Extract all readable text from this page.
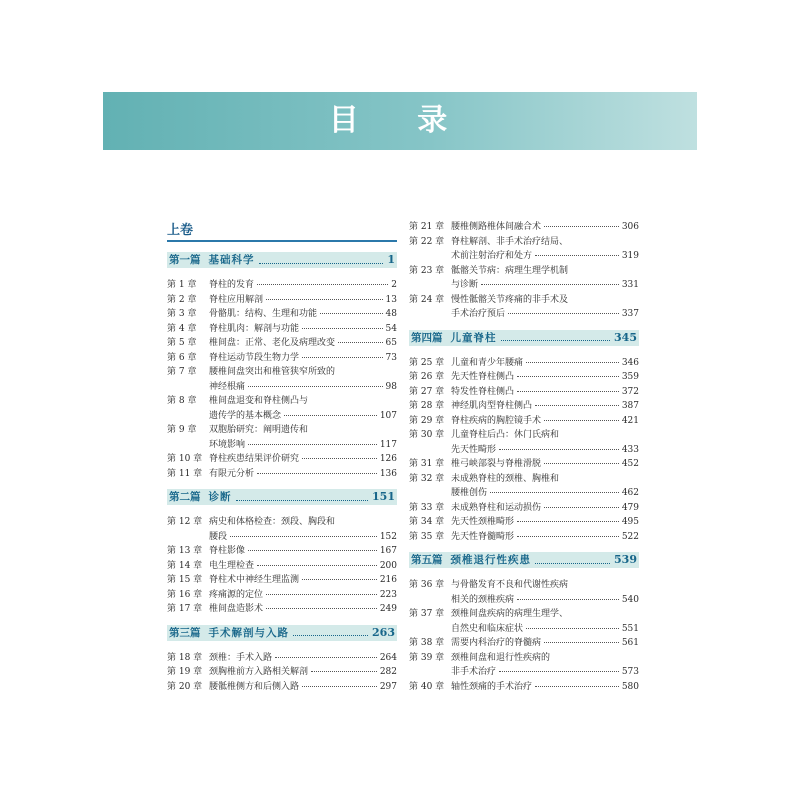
目 录
上卷
第一篇 基础科学	1
第 1 章	脊柱的发育	2
第 2 章	脊柱应用解剖	13
第 3 章	骨骼肌：结构、生理和功能	48
第 4 章	脊柱肌肉：解剖与功能	54
第 5 章	椎间盘：正常、老化及病理改变	65
第 6 章	脊柱运动节段生物力学	73
第 7 章	腰椎间盘突出和椎管狭窄所致的
神经根痛	98
第 8 章	椎间盘退变和脊柱侧凸与
遗传学的基本概念	107
第 9 章	双胞胎研究：阐明遗传和
环境影响	117
第 10 章 脊柱疾患结果评价研究	126
第 11 章 有限元分析	136
第二篇 诊断	151
第 12 章 病史和体格检查：颈段、胸段和
腰段	152
第 13 章 脊柱影像	167
第 14 章 电生理检查	200
第 15 章 脊柱术中神经生理监测	216
第 16 章 疼痛源的定位	223
第 17 章 椎间盘造影术	249
第三篇 手术解剖与入路	263
第 18 章 颈椎：手术入路	264
第 19 章 颈胸椎前方入路相关解剖	282
第 20 章 腰骶椎侧方和后侧入路	297
第 21 章 腰椎侧路椎体间融合术	306
第 22 章 脊柱解剖、非手术治疗结局、
术前注射治疗和处方	319
第 23 章 骶髂关节病：病理生理学机制
与诊断	331
第 24 章 慢性骶髂关节疼痛的非手术及
手术治疗预后	337
第四篇 儿童脊柱	345
第 25 章 儿童和青少年腰痛	346
第 26 章 先天性脊柱侧凸	359
第 27 章 特发性脊柱侧凸	372
第 28 章 神经肌肉型脊柱侧凸	387
第 29 章 脊柱疾病的胸腔镜手术	421
第 30 章 儿童脊柱后凸：休门氏病和
先天性畸形	433
第 31 章 椎弓峡部裂与脊椎滑脱	452
第 32 章 未成熟脊柱的颈椎、胸椎和
腰椎创伤	462
第 33 章 未成熟脊柱和运动损伤	479
第 34 章 先天性颈椎畸形	495
第 35 章 先天性脊髓畸形	522
第五篇 颈椎退行性疾患	539
第 36 章 与骨骼发育不良和代谢性疾病
相关的颈椎疾病	540
第 37 章 颈椎间盘疾病的病理生理学、
自然史和临床症状	551
第 38 章 需要内科治疗的脊髓病	561
第 39 章 颈椎间盘和退行性疾病的
非手术治疗	573
第 40 章 轴性颈痛的手术治疗	580
